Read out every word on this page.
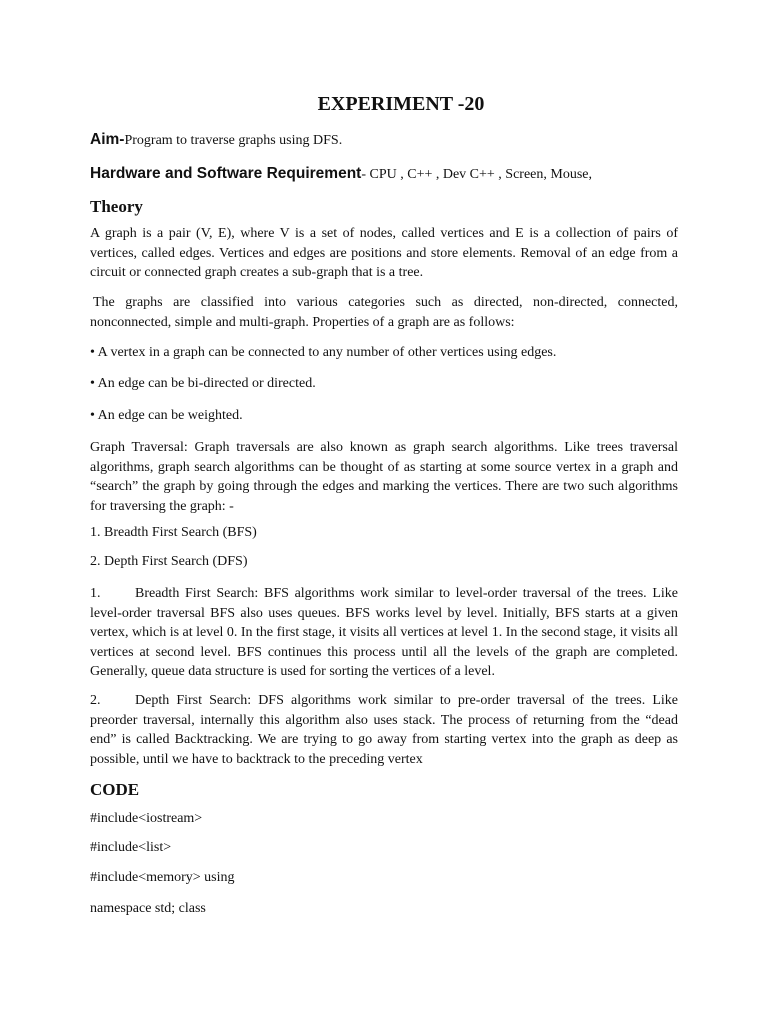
EXPERIMENT -20
Aim-Program to traverse graphs using DFS.
Hardware and Software Requirement- CPU , C++ , Dev C++ , Screen, Mouse,
Theory

A graph is a pair (V, E), where V is a set of nodes, called vertices and E is a collection of pairs of vertices, called edges. Vertices and edges are positions and store elements. Removal of an edge from a circuit or connected graph creates a sub-graph that is a tree.

The graphs are classified into various categories such as directed, non-directed, connected, nonconnected, simple and multi-graph. Properties of a graph are as follows:

• A vertex in a graph can be connected to any number of other vertices using edges.
• An edge can be bi-directed or directed.
• An edge can be weighted.

Graph Traversal: Graph traversals are also known as graph search algorithms. Like trees traversal algorithms, graph search algorithms can be thought of as starting at some source vertex in a graph and “search” the graph by going through the edges and marking the vertices. There are two such algorithms for traversing the graph: -

1. Breadth First Search (BFS)
2. Depth First Search (DFS)

1. Breadth First Search: BFS algorithms work similar to level-order traversal of the trees. Like level-order traversal BFS also uses queues. BFS works level by level. Initially, BFS starts at a given vertex, which is at level 0. In the first stage, it visits all vertices at level 1. In the second stage, it visits all vertices at second level. BFS continues this process until all the levels of the graph are completed. Generally, queue data structure is used for sorting the vertices of a level.

2. Depth First Search: DFS algorithms work similar to pre-order traversal of the trees. Like preorder traversal, internally this algorithm also uses stack. The process of returning from the “dead end” is called Backtracking. We are trying to go away from starting vertex into the graph as deep as possible, until we have to backtrack to the preceding vertex

CODE
#include<iostream>
#include<list>
#include<memory> using
namespace std; class
